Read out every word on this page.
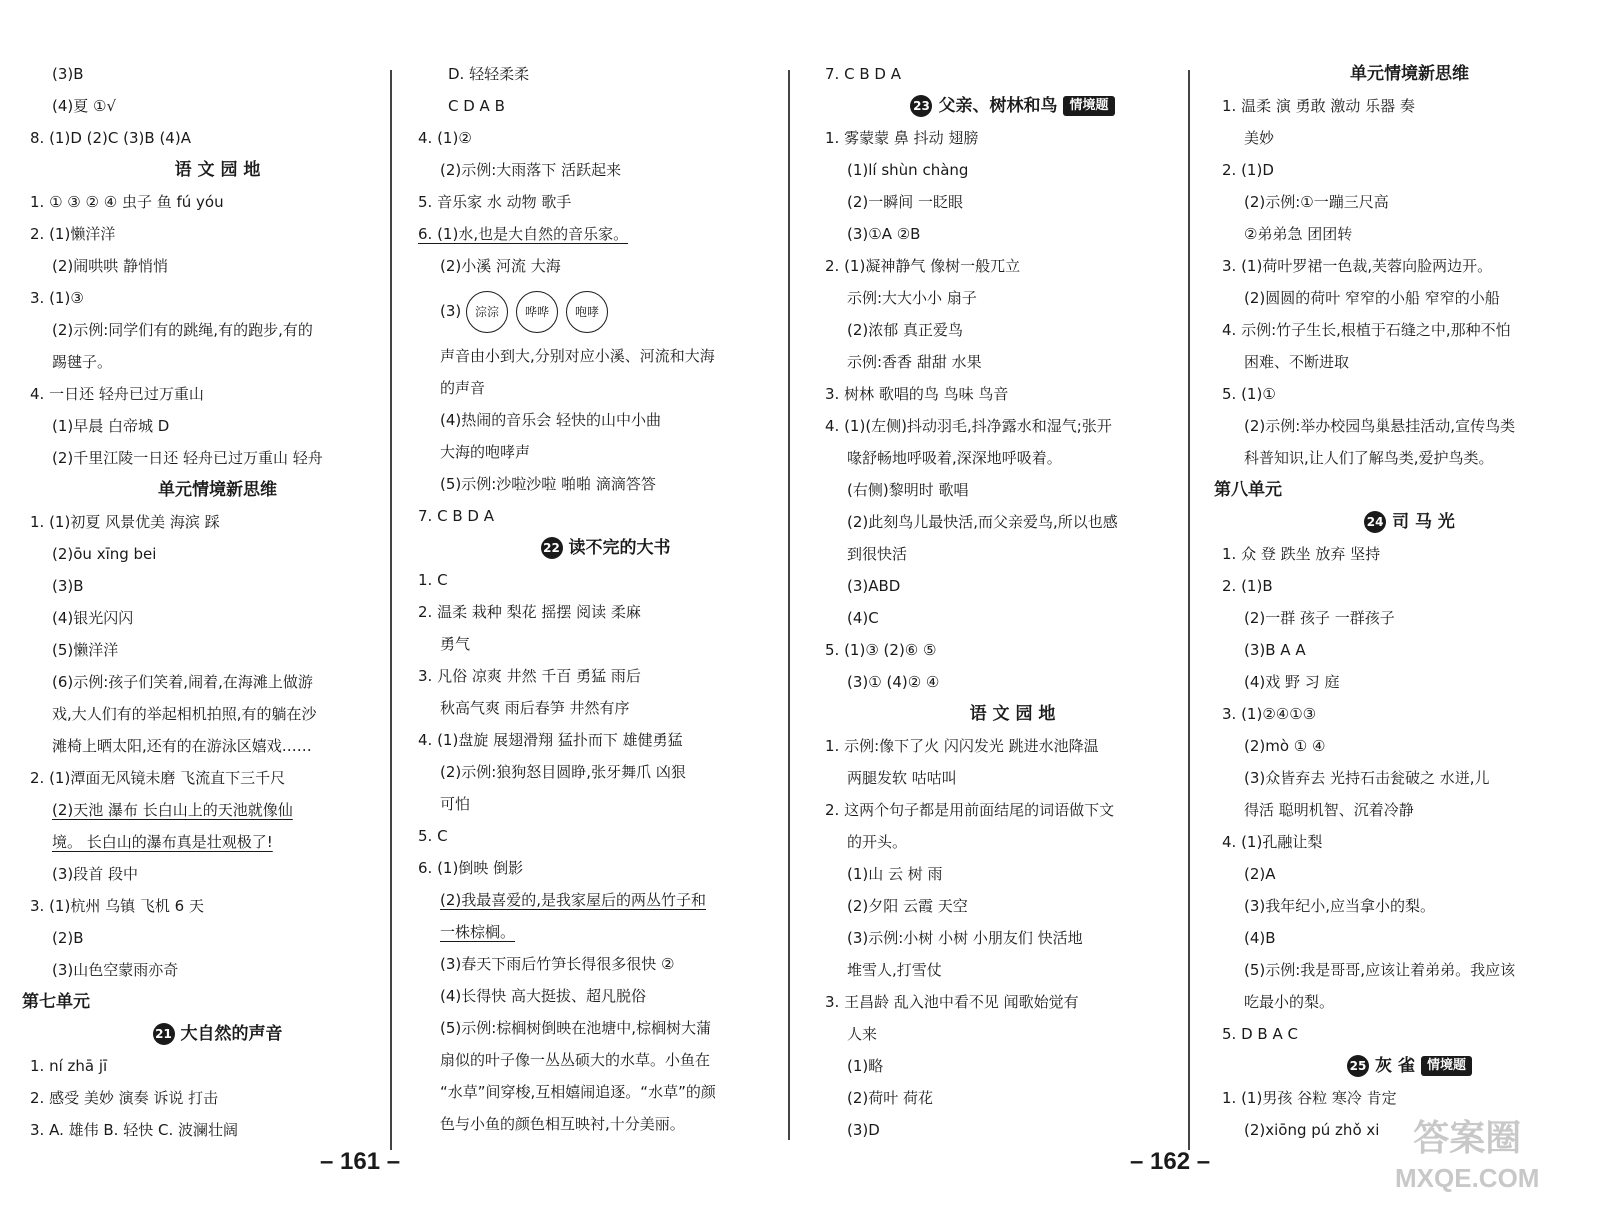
(3)B
(4)夏 ①√
8. (1)D (2)C (3)B (4)A
语 文 园 地
1. ① ③ ② ④ 虫子 鱼 fú yóu
2. (1)懒洋洋
(2)闹哄哄 静悄悄
3. (1)③
(2)示例:同学们有的跳绳,有的跑步,有的
踢毽子。
4. 一日还 轻舟已过万重山
(1)早晨 白帝城 D
(2)千里江陵一日还 轻舟已过万重山 轻舟
单元情境新思维
1. (1)初夏 风景优美 海滨 踩
(2)ōu xīng bei
(3)B
(4)银光闪闪
(5)懒洋洋
(6)示例:孩子们笑着,闹着,在海滩上做游
戏,大人们有的举起相机拍照,有的躺在沙
滩椅上晒太阳,还有的在游泳区嬉戏……
2. (1)潭面无风镜未磨 飞流直下三千尺
(2)天池 瀑布 长白山上的天池就像仙
境。 长白山的瀑布真是壮观极了!
(3)段首 段中
3. (1)杭州 乌镇 飞机 6 天
(2)B
(3)山色空蒙雨亦奇
第七单元
21 大自然的声音
1. ní zhā jī
2. 感受 美妙 演奏 诉说 打击
3. A. 雄伟 B. 轻快 C. 波澜壮阔
D. 轻轻柔柔
C D A B
4. (1)②
(2)示例:大雨落下 活跃起来
5. 音乐家 水 动物 歌手
6. (1)水,也是大自然的音乐家。
(2)小溪 河流 大海
(3) 淙淙 哗哗 咆哮
声音由小到大,分别对应小溪、河流和大海
的声音
(4)热闹的音乐会 轻快的山中小曲
大海的咆哮声
(5)示例:沙啦沙啦 啪啪 滴滴答答
7. C B D A
22 读不完的大书
1. C
2. 温柔 栽种 梨花 摇摆 阅读 柔麻
勇气
3. 凡俗 凉爽 井然 千百 勇猛 雨后
秋高气爽 雨后春笋 井然有序
4. (1)盘旋 展翅滑翔 猛扑而下 雄健勇猛
(2)示例:狼狗怒目圆睁,张牙舞爪 凶狠
可怕
5. C
6. (1)倒映 倒影
(2)我最喜爱的,是我家屋后的两丛竹子和
一株棕榈。
(3)春天下雨后竹笋长得很多很快 ②
(4)长得快 高大挺拔、超凡脱俗
(5)示例:棕榈树倒映在池塘中,棕榈树大蒲
扇似的叶子像一丛丛硕大的水草。小鱼在
“水草”间穿梭,互相嬉闹追逐。“水草”的颜
色与小鱼的颜色相互映衬,十分美丽。
7. C B D A
23 父亲、树林和鸟 情境题
1. 雾蒙蒙 鼻 抖动 翅膀
(1)lí shùn chàng
(2)一瞬间 一眨眼
(3)①A ②B
2. (1)凝神静气 像树一般兀立
示例:大大小小 扇子
(2)浓郁 真正爱鸟
示例:香香 甜甜 水果
3. 树林 歌唱的鸟 鸟味 鸟音
4. (1)(左侧)抖动羽毛,抖净露水和湿气;张开
喙舒畅地呼吸着,深深地呼吸着。
(右侧)黎明时 歌唱
(2)此刻鸟儿最快活,而父亲爱鸟,所以也感
到很快活
(3)ABD
(4)C
5. (1)③ (2)⑥ ⑤
(3)① (4)② ④
语 文 园 地
1. 示例:像下了火 闪闪发光 跳进水池降温
两腿发软 咕咕叫
2. 这两个句子都是用前面结尾的词语做下文
的开头。
(1)山 云 树 雨
(2)夕阳 云霞 天空
(3)示例:小树 小树 小朋友们 快活地
堆雪人,打雪仗
3. 王昌龄 乱入池中看不见 闻歌始觉有
人来
(1)略
(2)荷叶 荷花
(3)D
单元情境新思维
1. 温柔 演 勇敢 激动 乐器 奏
美妙
2. (1)D
(2)示例:①一蹦三尺高
②弟弟急 团团转
3. (1)荷叶罗裙一色裁,芙蓉向脸两边开。
(2)圆圆的荷叶 窄窄的小船 窄窄的小船
4. 示例:竹子生长,根植于石缝之中,那种不怕
困难、不断进取
5. (1)①
(2)示例:举办校园鸟巢悬挂活动,宣传鸟类
科普知识,让人们了解鸟类,爱护鸟类。
第八单元
24 司 马 光
1. 众 登 跌坐 放弃 坚持
2. (1)B
(2)一群 孩子 一群孩子
(3)B A A
(4)戏 野 习 庭
3. (1)②④①③
(2)mò ① ④
(3)众皆弃去 光持石击瓮破之 水迸,儿
得活 聪明机智、沉着冷静
4. (1)孔融让梨
(2)A
(3)我年纪小,应当拿小的梨。
(4)B
(5)示例:我是哥哥,应该让着弟弟。我应该
吃最小的梨。
5. D B A C
25 灰 雀 情境题
1. (1)男孩 谷粒 寒冷 肯定
(2)xiōng pú zhǒ xi
– 161 –	– 162 –
答案圈
MXQE.COM
